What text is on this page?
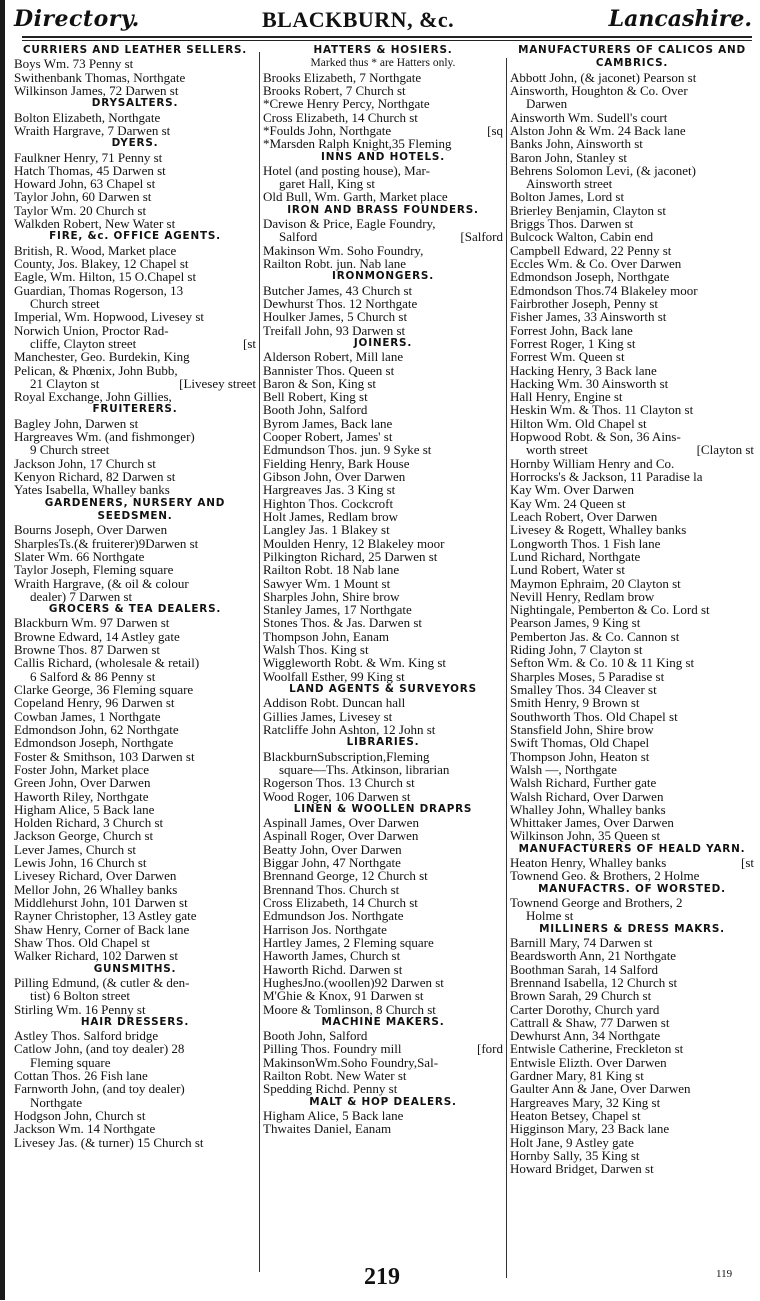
Directory.	BLACKBURN, &c.	Lancashire.
CURRIERS AND LEATHER SELLERS.
Boys Wm. 73 Penny st
Swithenbank Thomas, Northgate
Wilkinson James, 72 Darwen st
DRYSALTERS.
Bolton Elizabeth, Northgate
Wraith Hargrave, 7 Darwen st
DYERS.
Faulkner Henry, 71 Penny st
Hatch Thomas, 45 Darwen st
Howard John, 63 Chapel st
Taylor John, 60 Darwen st
Taylor Wm. 20 Church st
Walkden Robert, New Water st
FIRE, &c. OFFICE AGENTS.
British, R. Wood, Market place
County, Jos. Blakey, 12 Chapel st
Eagle, Wm. Hilton, 15 O.Chapel st
Guardian, Thomas Rogerson, 13
Church street
Imperial, Wm. Hopwood, Livesey st
Norwich Union, Proctor Rad-
cliffe, Clayton street	[st
Manchester, Geo. Burdekin, King
Pelican, & Phœnix, John Bubb,
21 Clayton st	[Livesey street
Royal Exchange, John Gillies,
FRUITERERS.
Bagley John, Darwen st
Hargreaves Wm. (and fishmonger)
9 Church street
Jackson John, 17 Church st
Kenyon Richard, 82 Darwen st
Yates Isabella, Whalley banks
GARDENERS, NURSERY AND SEEDSMEN.
Bourns Joseph, Over Darwen
SharplesTs.(& fruiterer)9Darwen st
Slater Wm. 66 Northgate
Taylor Joseph, Fleming square
Wraith Hargrave, (& oil & colour
dealer) 7 Darwen st
GROCERS & TEA DEALERS.
Blackburn Wm. 97 Darwen st
Browne Edward, 14 Astley gate
Browne Thos. 87 Darwen st
Callis Richard, (wholesale & retail)
6 Salford & 86 Penny st
Clarke George, 36 Fleming square
Copeland Henry, 96 Darwen st
Cowban James, 1 Northgate
Edmondson John, 62 Northgate
Edmondson Joseph, Northgate
Foster & Smithson, 103 Darwen st
Foster John, Market place
Green John, Over Darwen
Haworth Riley, Northgate
Higham Alice, 5 Back lane
Holden Richard, 3 Church st
Jackson George, Church st
Lever James, Church st
Lewis John, 16 Church st
Livesey Richard, Over Darwen
Mellor John, 26 Whalley banks
Middlehurst John, 101 Darwen st
Rayner Christopher, 13 Astley gate
Shaw Henry, Corner of Back lane
Shaw Thos. Old Chapel st
Walker Richard, 102 Darwen st
GUNSMITHS.
Pilling Edmund, (& cutler & den-
tist) 6 Bolton street
Stirling Wm. 16 Penny st
HAIR DRESSERS.
Astley Thos. Salford bridge
Catlow John, (and toy dealer) 28
Fleming square
Cottan Thos. 26 Fish lane
Farnworth John, (and toy dealer)
Northgate
Hodgson John, Church st
Jackson Wm. 14 Northgate
Livesey Jas. (& turner) 15 Church st
HATTERS & HOSIERS.
Marked thus * are Hatters only.
Brooks Elizabeth, 7 Northgate
Brooks Robert, 7 Church st
*Crewe Henry Percy, Northgate
Cross Elizabeth, 14 Church st
*Foulds John, Northgate	[sq
*Marsden Ralph Knight,35 Fleming
INNS AND HOTELS.
Hotel (and posting house), Mar-
garet Hall, King st
Old Bull, Wm. Garth, Market place
IRON AND BRASS FOUNDERS.
Davison & Price, Eagle Foundry,
Salford	[Salford
Makinson Wm. Soho Foundry,
Railton Robt. jun. Nab lane
IRONMONGERS.
Butcher James, 43 Church st
Dewhurst Thos. 12 Northgate
Houlker James, 5 Church st
Treifall John, 93 Darwen st
JOINERS.
Alderson Robert, Mill lane
Bannister Thos. Queen st
Baron & Son, King st
Bell Robert, King st
Booth John, Salford
Byrom James, Back lane
Cooper Robert, James' st
Edmundson Thos. jun. 9 Syke st
Fielding Henry, Bark House
Gibson John, Over Darwen
Hargreaves Jas. 3 King st
Highton Thos. Cockcroft
Holt James, Redlam brow
Langley Jas. 1 Blakey st
Moulden Henry, 12 Blakeley moor
Pilkington Richard, 25 Darwen st
Railton Robt. 18 Nab lane
Sawyer Wm. 1 Mount st
Sharples John, Shire brow
Stanley James, 17 Northgate
Stones Thos. & Jas. Darwen st
Thompson John, Eanam
Walsh Thos. King st
Wiggleworth Robt. & Wm. King st
Woolfall Esther, 99 King st
LAND AGENTS & SURVEYORS
Addison Robt. Duncan hall
Gillies James, Livesey st
Ratcliffe John Ashton, 12 John st
LIBRARIES.
BlackburnSubscription,Fleming
square—Ths. Atkinson, librarian
Rogerson Thos. 13 Church st
Wood Roger, 106 Darwen st
LINEN & WOOLLEN DRAPRS
Aspinall James, Over Darwen
Aspinall Roger, Over Darwen
Beatty John, Over Darwen
Biggar John, 47 Northgate
Brennand George, 12 Church st
Brennand Thos. Church st
Cross Elizabeth, 14 Church st
Edmundson Jos. Northgate
Harrison Jos. Northgate
Hartley James, 2 Fleming square
Haworth James, Church st
Haworth Richd. Darwen st
HughesJno.(woollen)92 Darwen st
M'Ghie & Knox, 91 Darwen st
Moore & Tomlinson, 8 Church st
MACHINE MAKERS.
Booth John, Salford
Pilling Thos. Foundry mill	[ford
MakinsonWm.Soho Foundry,Sal-
Railton Robt. New Water st
Spedding Richd. Penny st
MALT & HOP DEALERS.
Higham Alice, 5 Back lane
Thwaites Daniel, Eanam
MANUFACTURERS OF CALICOS AND CAMBRICS.
Abbott John, (& jaconet) Pearson st
Ainsworth, Houghton & Co. Over
Darwen
Ainsworth Wm. Sudell's court
Alston John & Wm. 24 Back lane
Banks John, Ainsworth st
Baron John, Stanley st
Behrens Solomon Levi, (& jaconet)
Ainsworth street
Bolton James, Lord st
Brierley Benjamin, Clayton st
Briggs Thos. Darwen st
Bulcock Walton, Cabin end
Campbell Edward, 22 Penny st
Eccles Wm. & Co. Over Darwen
Edmondson Joseph, Northgate
Edmondson Thos.74 Blakeley moor
Fairbrother Joseph, Penny st
Fisher James, 33 Ainsworth st
Forrest John, Back lane
Forrest Roger, 1 King st
Forrest Wm. Queen st
Hacking Henry, 3 Back lane
Hacking Wm. 30 Ainsworth st
Hall Henry, Engine st
Heskin Wm. & Thos. 11 Clayton st
Hilton Wm. Old Chapel st
Hopwood Robt. & Son, 36 Ains-
worth street	[Clayton st
Hornby William Henry and Co.
Horrocks's & Jackson, 11 Paradise la
Kay Wm. Over Darwen
Kay Wm. 24 Queen st
Leach Robert, Over Darwen
Livesey & Rogett, Whalley banks
Longworth Thos. 1 Fish lane
Lund Richard, Northgate
Lund Robert, Water st
Maymon Ephraim, 20 Clayton st
Nevill Henry, Redlam brow
Nightingale, Pemberton & Co. Lord st
Pearson James, 9 King st
Pemberton Jas. & Co. Cannon st
Riding John, 7 Clayton st
Sefton Wm. & Co. 10 & 11 King st
Sharples Moses, 5 Paradise st
Smalley Thos. 34 Cleaver st
Smith Henry, 9 Brown st
Southworth Thos. Old Chapel st
Stansfield John, Shire brow
Swift Thomas, Old Chapel
Thompson John, Heaton st
Walsh —, Northgate
Walsh Richard, Further gate
Walsh Richard, Over Darwen
Whalley John, Whalley banks
Whittaker James, Over Darwen
Wilkinson John, 35 Queen st
MANUFACTURERS OF HEALD YARN.
Heaton Henry, Whalley banks	[st
Townend Geo. & Brothers, 2 Holme
MANUFACTRS. OF WORSTED.
Townend George and Brothers, 2
Holme st
MILLINERS & DRESS MAKRS.
Barnill Mary, 74 Darwen st
Beardsworth Ann, 21 Northgate
Boothman Sarah, 14 Salford
Brennand Isabella, 12 Church st
Brown Sarah, 29 Church st
Carter Dorothy, Church yard
Cattrall & Shaw, 77 Darwen st
Dewhurst Ann, 34 Northgate
Entwisle Catherine, Freckleton st
Entwisle Elizth. Over Darwen
Gardner Mary, 81 King st
Gaulter Ann & Jane, Over Darwen
Hargreaves Mary, 32 King st
Heaton Betsey, Chapel st
Higginson Mary, 23 Back lane
Holt Jane, 9 Astley gate
Hornby Sally, 35 King st
Howard Bridget, Darwen st
219	119
